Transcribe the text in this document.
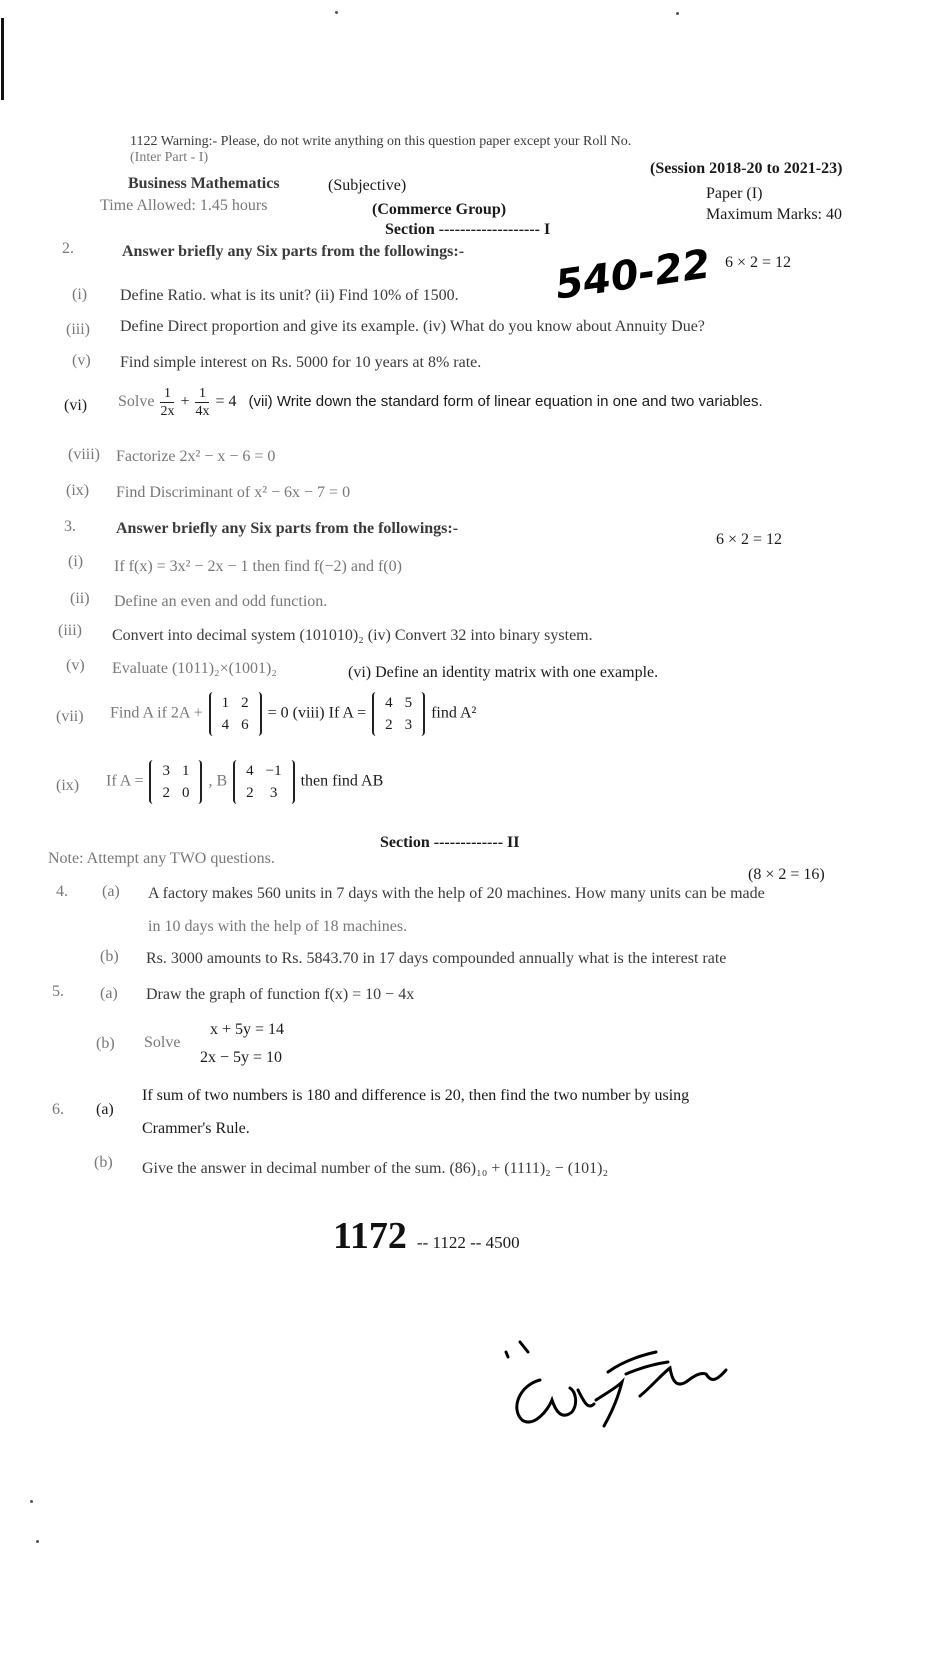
1122 Warning:- Please, do not write anything on this question paper except your Roll No.
(Inter Part - I)
(Session 2018-20 to 2021-23)
Business Mathematics	(Subjective)	Paper (I)
Time Allowed: 1.45 hours	(Commerce Group)	Maximum Marks: 40
Section ------------------- I
540-22
2.	Answer briefly any Six parts from the followings:-
6 × 2 = 12
(i) Define Ratio. what is its unit? (ii) Find 10% of 1500.
(iii) Define Direct proportion and give its example. (iv) What do you know about Annuity Due?
(v) Find simple interest on Rs. 5000 for 10 years at 8% rate.
(vi) Solve $\frac{1}{2x} + \frac{1}{4x} = 4$ (vii) Write down the standard form of linear equation in one and two variables.
(viii) Factorize 2x² − x − 6 = 0
(ix) Find Discriminant of x² − 6x − 7 = 0
3.	Answer briefly any Six parts from the followings:-
6 × 2 = 12
(i) If f(x) = 3x² − 2x − 1 then find f(−2) and f(0)
(ii) Define an even and odd function.
(iii) Convert into decimal system (101010)₂ (iv) Convert 32 into binary system.
(v) Evaluate (1011)₂×(1001)₂	(vi) Define an identity matrix with one example.
(vii) Find A if 2A +
1	2
4	6
= 0 (viii) If A =
4	5
2	3
find A²
(ix) If A =
3	1
2	0
, B
4	−1
2	3
then find AB
Section ------------- II
Note: Attempt any TWO questions.
(8 × 2 = 16)
4. (a) A factory makes 560 units in 7 days with the help of 20 machines. How many units can be made
in 10 days with the help of 18 machines.
(b) Rs. 3000 amounts to Rs. 5843.70 in 17 days compounded annually what is the interest rate
5. (a) Draw the graph of function f(x) = 10 − 4x
(b) Solve
x + 5y = 14
2x − 5y = 10
6. (a)
If sum of two numbers is 180 and difference is 20, then find the two number by using
Crammer's Rule.
(b) Give the answer in decimal number of the sum. (86)₁₀ + (1111)₂ − (101)₂
1172 -- 1122 -- 4500
